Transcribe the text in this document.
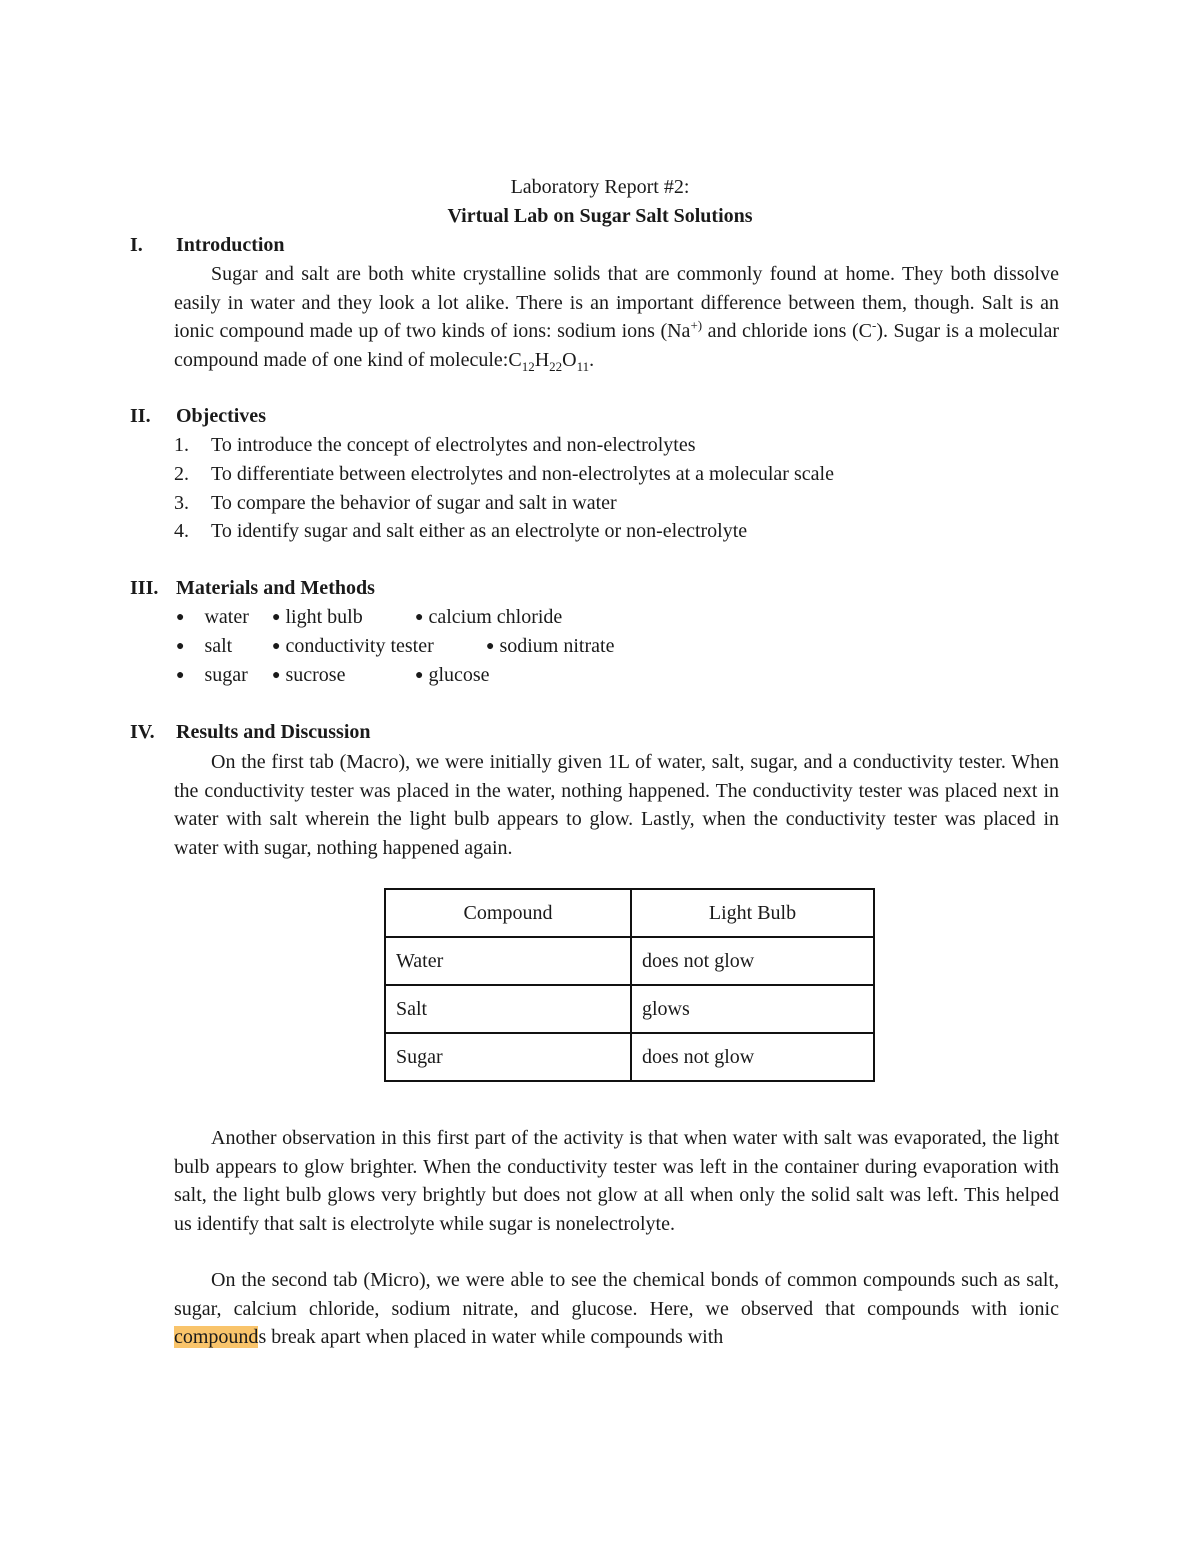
Laboratory Report #2:
Virtual Lab on Sugar Salt Solutions
I. Introduction
Sugar and salt are both white crystalline solids that are commonly found at home. They both dissolve easily in water and they look a lot alike. There is an important difference between them, though. Salt is an ionic compound made up of two kinds of ions: sodium ions (Na+) and chloride ions (C-). Sugar is a molecular compound made of one kind of $molecule:C_{12}H_{22}O_{11}$.
II. Objectives
1. To introduce the concept of electrolytes and non-electrolytes
2. To differentiate between electrolytes and non-electrolytes at a molecular scale
3. To compare the behavior of sugar and salt in water
4. To identify sugar and salt either as an electrolyte or non-electrolyte
III. Materials and Methods
● water ● light bulb	● calcium chloride
● salt	● conductivity tester	● sodium nitrate
● sugar ● sucrose	● glucose
IV. Results and Discussion
On the first tab (Macro), we were initially given 1L of water, salt, sugar, and a conductivity tester. When the conductivity tester was placed in the water, nothing happened. The conductivity tester was placed next in water with salt wherein the light bulb appears to glow. Lastly, when the conductivity tester was placed in water with sugar, nothing happened again.
Compound	Light Bulb
Water	does not glow
Salt	glows
Sugar	does not glow
Another observation in this first part of the activity is that when water with salt was evaporated, the light bulb appears to glow brighter. When the conductivity tester was left in the container during evaporation with salt, the light bulb glows very brightly but does not glow at all when only the solid salt was left. This helped us identify that salt is electrolyte while sugar is nonelectrolyte.
On the second tab (Micro), we were able to see the chemical bonds of common compounds such as salt, sugar, calcium chloride, sodium nitrate, and glucose. Here, we observed that compounds with ionic compounds break apart when placed in water while compounds with
